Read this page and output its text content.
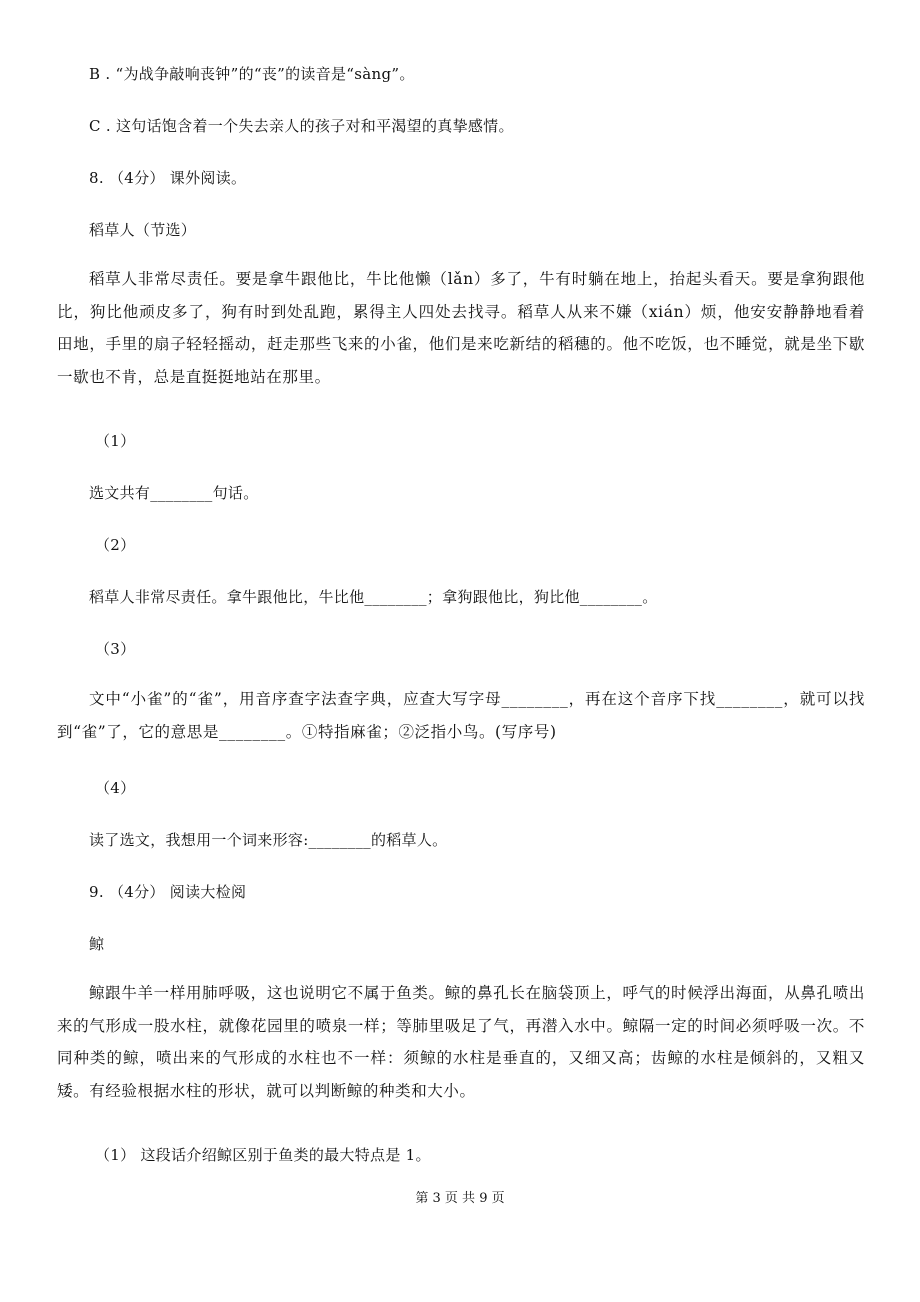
B . “为战争敲响丧钟”的“丧”的读音是“sàng”。
C . 这句话饱含着一个失去亲人的孩子对和平渴望的真挚感情。
8. （4分） 课外阅读。
稻草人（节选）
稻草人非常尽责任。要是拿牛跟他比，牛比他懒（lǎn）多了，牛有时躺在地上，抬起头看天。要是拿狗跟他比，狗比他顽皮多了，狗有时到处乱跑，累得主人四处去找寻。稻草人从来不嫌（xián）烦，他安安静静地看着田地，手里的扇子轻轻摇动，赶走那些飞来的小雀，他们是来吃新结的稻穗的。他不吃饭，也不睡觉，就是坐下歇一歇也不肯，总是直挺挺地站在那里。
（1）
选文共有________句话。
（2）
稻草人非常尽责任。拿牛跟他比，牛比他________；拿狗跟他比，狗比他________。
（3）
文中“小雀”的“雀”，用音序查字法查字典，应查大写字母________，再在这个音序下找________，就可以找到“雀”了，它的意思是________。①特指麻雀；②泛指小鸟。(写序号)
（4）
读了选文，我想用一个词来形容:________的稻草人。
9. （4分） 阅读大检阅
鲸
鲸跟牛羊一样用肺呼吸，这也说明它不属于鱼类。鲸的鼻孔长在脑袋顶上，呼气的时候浮出海面，从鼻孔喷出来的气形成一股水柱，就像花园里的喷泉一样；等肺里吸足了气，再潜入水中。鲸隔一定的时间必须呼吸一次。不同种类的鲸，喷出来的气形成的水柱也不一样：须鲸的水柱是垂直的，又细又高；齿鲸的水柱是倾斜的，又粗又矮。有经验根据水柱的形状，就可以判断鲸的种类和大小。
（1） 这段话介绍鲸区别于鱼类的最大特点是 1。
第 3 页 共 9 页
